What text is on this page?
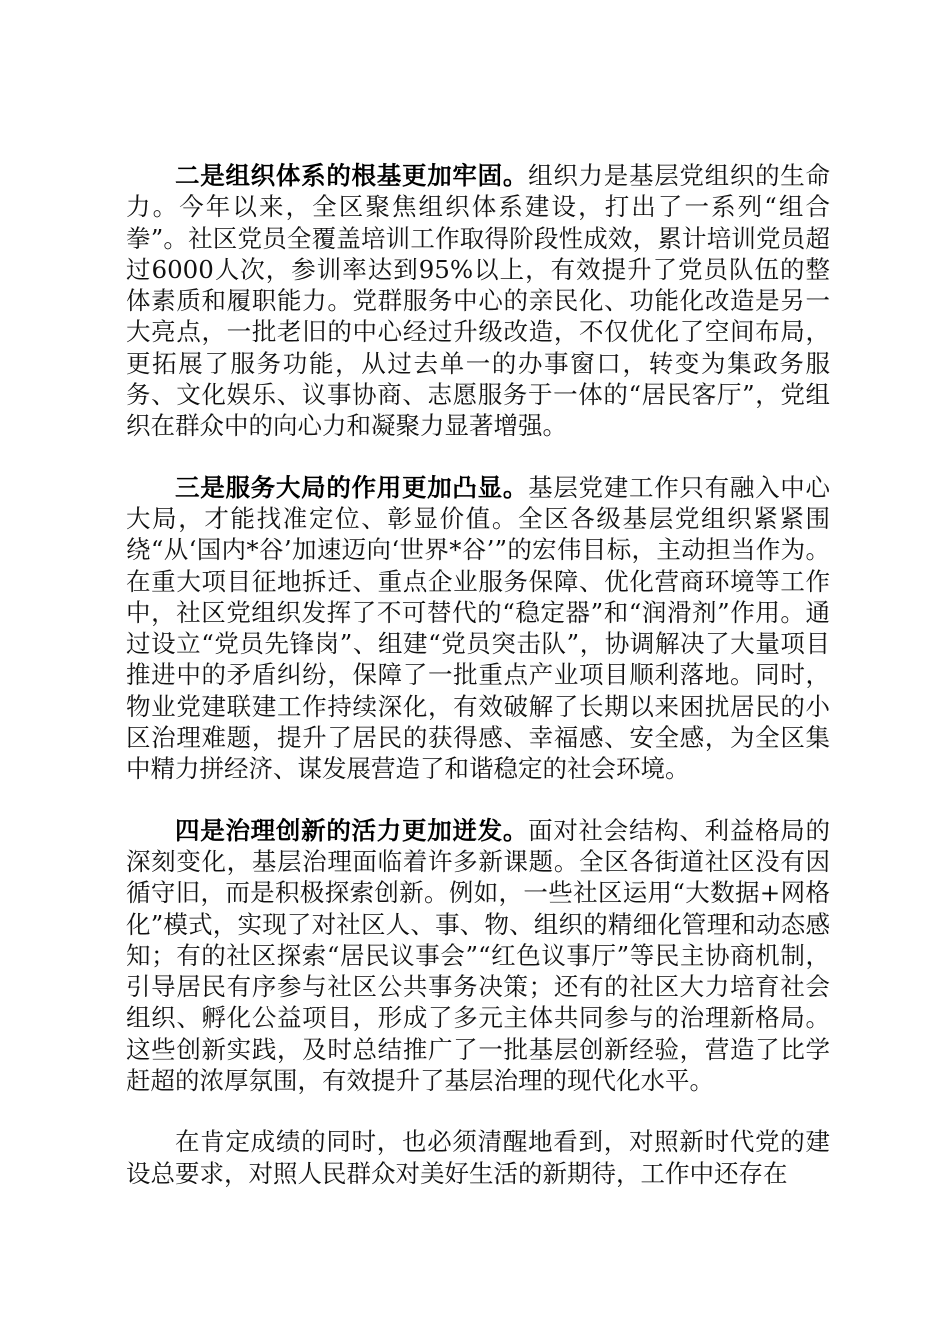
二是组织体系的根基更加牢固。组织力是基层党组织的生命力。今年以来，全区聚焦组织体系建设，打出了一系列“组合拳”。社区党员全覆盖培训工作取得阶段性成效，累计培训党员超过6000人次，参训率达到95%以上，有效提升了党员队伍的整体素质和履职能力。党群服务中心的亲民化、功能化改造是另一大亮点，一批老旧的中心经过升级改造，不仅优化了空间布局，更拓展了服务功能，从过去单一的办事窗口，转变为集政务服务、文化娱乐、议事协商、志愿服务于一体的“居民客厅”，党组织在群众中的向心力和凝聚力显著增强。

三是服务大局的作用更加凸显。基层党建工作只有融入中心大局，才能找准定位、彰显价值。全区各级基层党组织紧紧围绕“从‘国内*谷’加速迈向‘世界*谷’”的宏伟目标，主动担当作为。在重大项目征地拆迁、重点企业服务保障、优化营商环境等工作中，社区党组织发挥了不可替代的“稳定器”和“润滑剂”作用。通过设立“党员先锋岗”、组建“党员突击队”，协调解决了大量项目推进中的矛盾纠纷，保障了一批重点产业项目顺利落地。同时，物业党建联建工作持续深化，有效破解了长期以来困扰居民的小区治理难题，提升了居民的获得感、幸福感、安全感，为全区集中精力拼经济、谋发展营造了和谐稳定的社会环境。

四是治理创新的活力更加迸发。面对社会结构、利益格局的深刻变化，基层治理面临着许多新课题。全区各街道社区没有因循守旧，而是积极探索创新。例如，一些社区运用“大数据+网格化”模式，实现了对社区人、事、物、组织的精细化管理和动态感知；有的社区探索“居民议事会”“红色议事厅”等民主协商机制，引导居民有序参与社区公共事务决策；还有的社区大力培育社会组织、孵化公益项目，形成了多元主体共同参与的治理新格局。这些创新实践，及时总结推广了一批基层创新经验，营造了比学赶超的浓厚氛围，有效提升了基层治理的现代化水平。

在肯定成绩的同时，也必须清醒地看到，对照新时代党的建设总要求，对照人民群众对美好生活的新期待，工作中还存在
